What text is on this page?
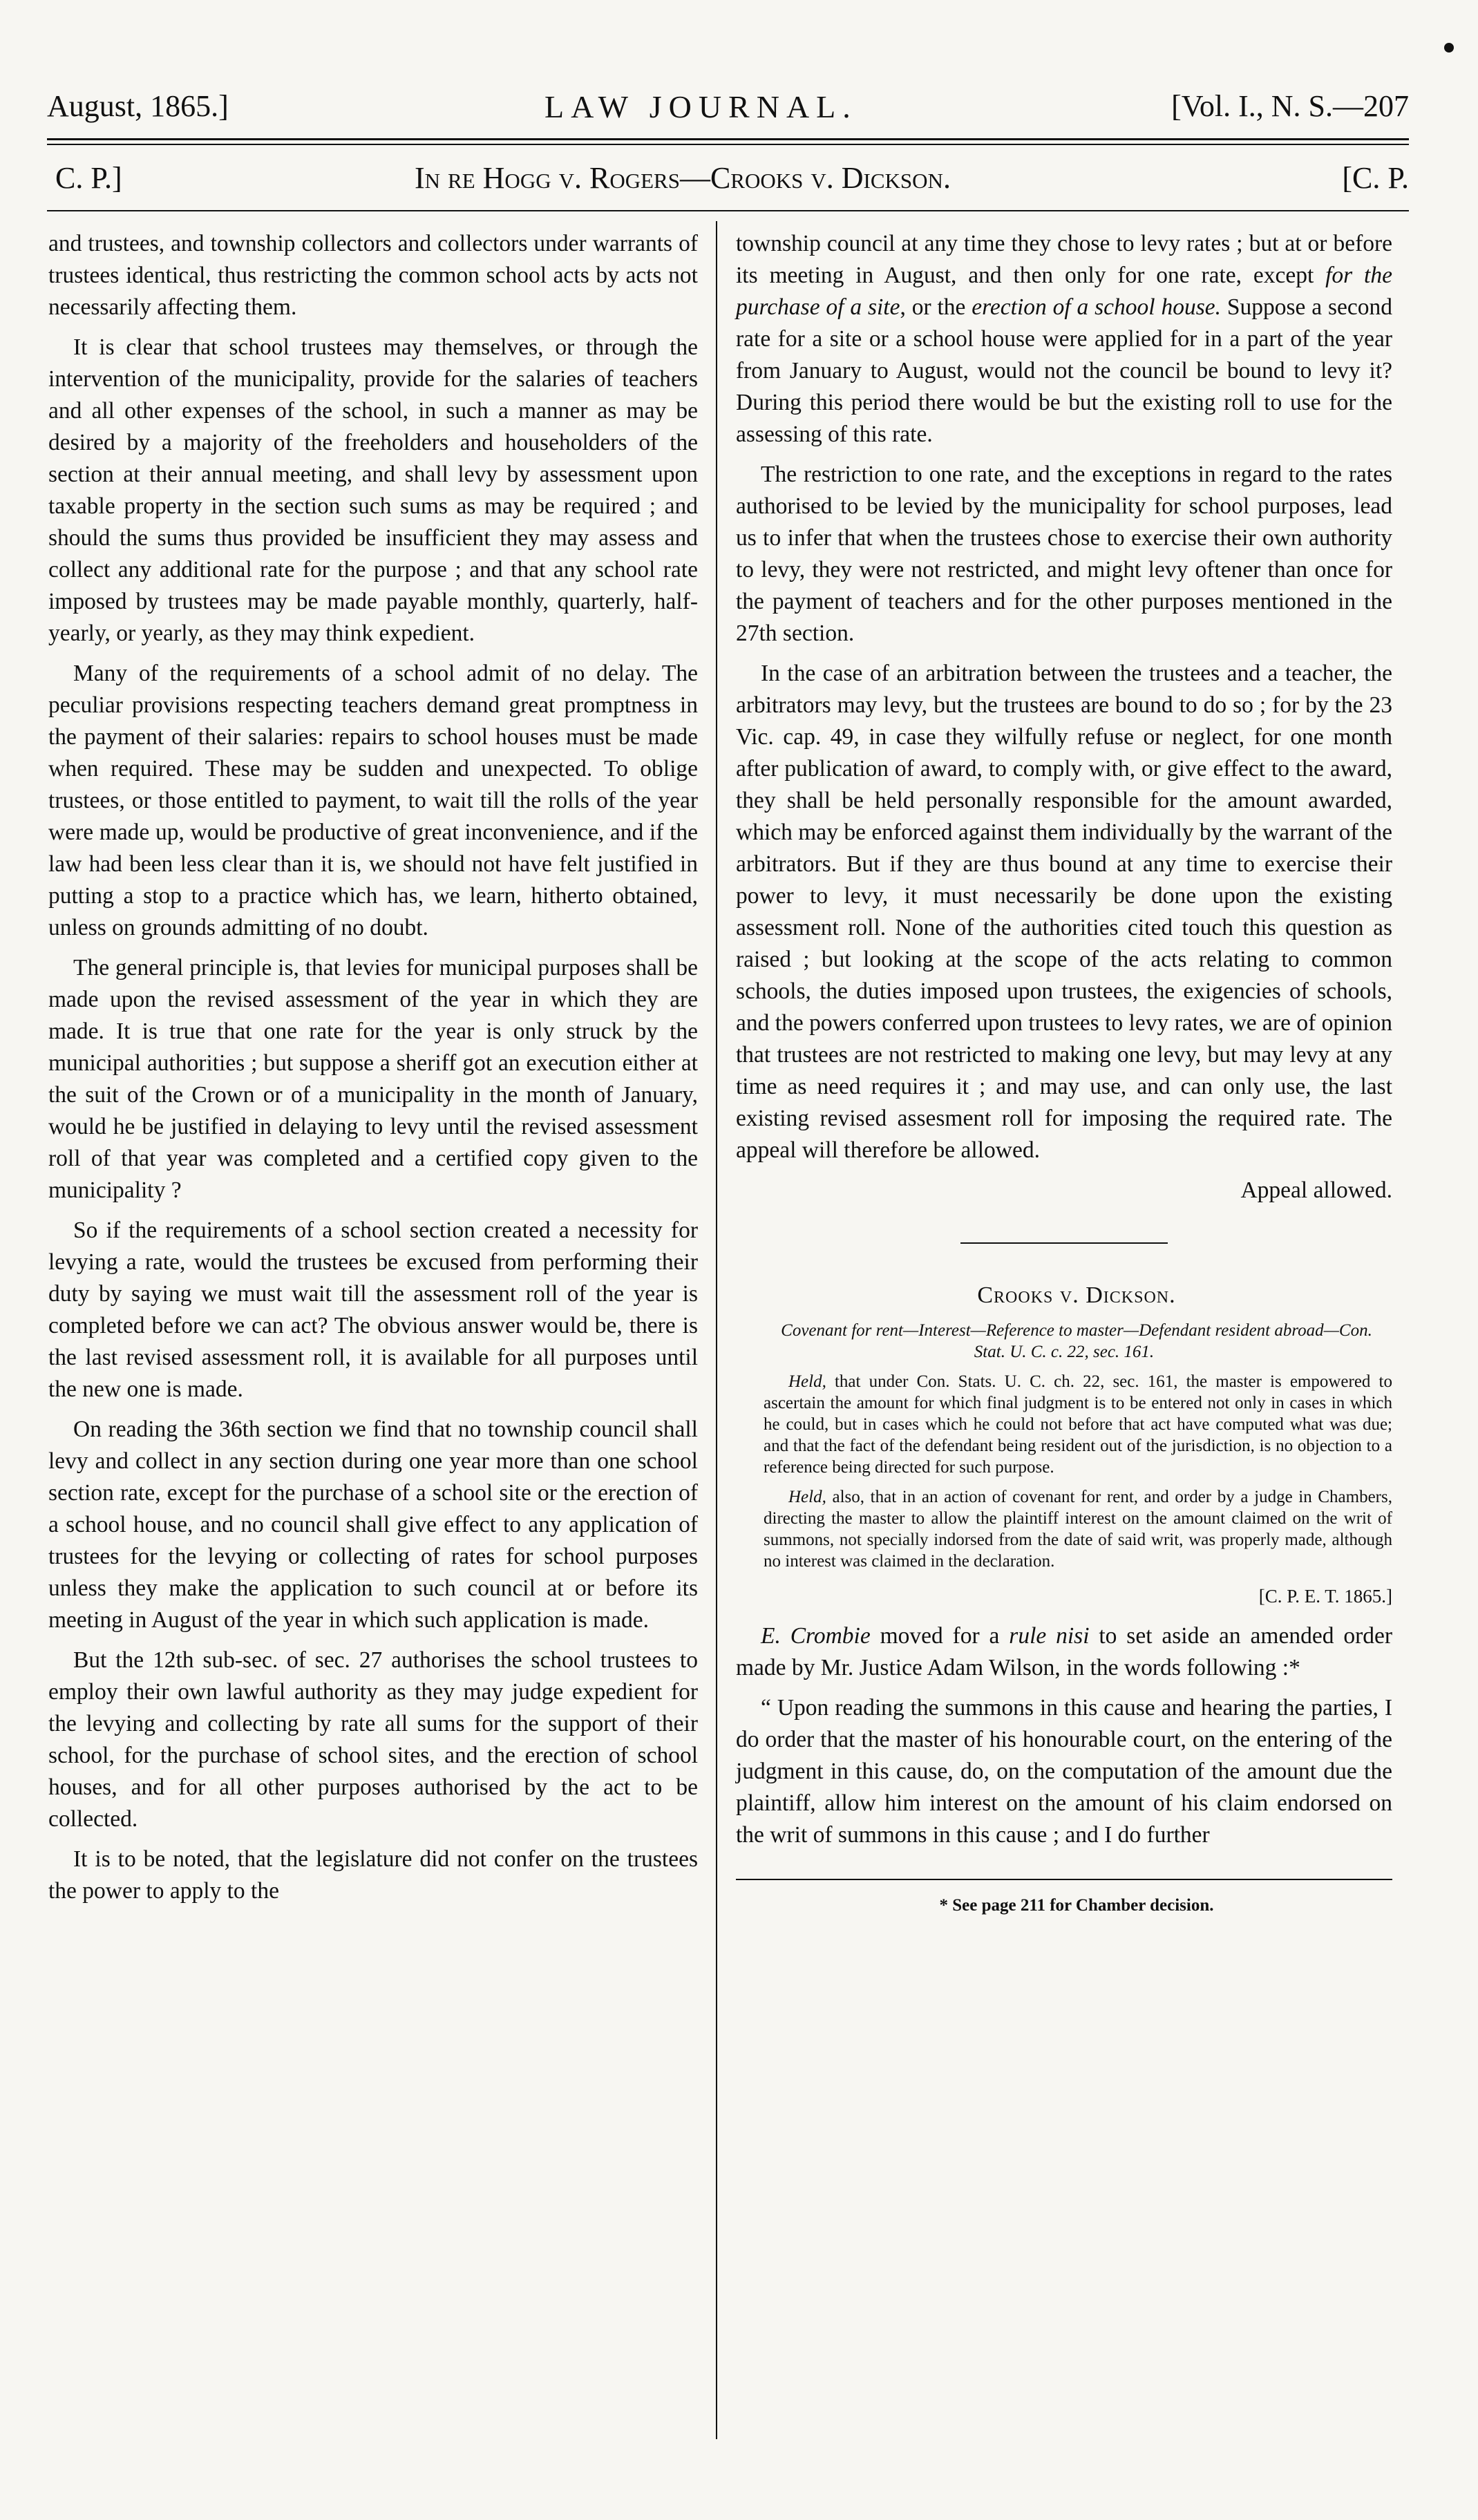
August, 1865.]	LAW JOURNAL.	[Vol. I., N. S.—207
C. P.]	In re Hogg v. Rogers—Crooks v. Dickson.	[C. P.

and trustees, and township collectors and collectors under warrants of trustees identical, thus restricting the common school acts by acts not necessarily affecting them.

It is clear that school trustees may themselves, or through the intervention of the municipality, provide for the salaries of teachers and all other expenses of the school, in such a manner as may be desired by a majority of the freeholders and householders of the section at their annual meeting, and shall levy by assessment upon taxable property in the section such sums as may be required ; and should the sums thus provided be insufficient they may assess and collect any additional rate for the purpose ; and that any school rate imposed by trustees may be made payable monthly, quarterly, half-yearly, or yearly, as they may think expedient.

Many of the requirements of a school admit of no delay. The peculiar provisions respecting teachers demand great promptness in the payment of their salaries: repairs to school houses must be made when required. These may be sudden and unexpected. To oblige trustees, or those entitled to payment, to wait till the rolls of the year were made up, would be productive of great inconvenience, and if the law had been less clear than it is, we should not have felt justified in putting a stop to a practice which has, we learn, hitherto obtained, unless on grounds admitting of no doubt.

The general principle is, that levies for municipal purposes shall be made upon the revised assessment of the year in which they are made. It is true that one rate for the year is only struck by the municipal authorities ; but suppose a sheriff got an execution either at the suit of the Crown or of a municipality in the month of January, would he be justified in delaying to levy until the revised assessment roll of that year was completed and a certified copy given to the municipality ?

So if the requirements of a school section created a necessity for levying a rate, would the trustees be excused from performing their duty by saying we must wait till the assessment roll of the year is completed before we can act? The obvious answer would be, there is the last revised assessment roll, it is available for all purposes until the new one is made.

On reading the 36th section we find that no township council shall levy and collect in any section during one year more than one school section rate, except for the purchase of a school site or the erection of a school house, and no council shall give effect to any application of trustees for the levying or collecting of rates for school purposes unless they make the application to such council at or before its meeting in August of the year in which such application is made.

But the 12th sub-sec. of sec. 27 authorises the school trustees to employ their own lawful authority as they may judge expedient for the levying and collecting by rate all sums for the support of their school, for the purchase of school sites, and the erection of school houses, and for all other purposes authorised by the act to be collected.

It is to be noted, that the legislature did not confer on the trustees the power to apply to the

township council at any time they chose to levy rates ; but at or before its meeting in August, and then only for one rate, except for the purchase of a site, or the erection of a school house. Suppose a second rate for a site or a school house were applied for in a part of the year from January to August, would not the council be bound to levy it? During this period there would be but the existing roll to use for the assessing of this rate.

The restriction to one rate, and the exceptions in regard to the rates authorised to be levied by the municipality for school purposes, lead us to infer that when the trustees chose to exercise their own authority to levy, they were not restricted, and might levy oftener than once for the payment of teachers and for the other purposes mentioned in the 27th section.

In the case of an arbitration between the trustees and a teacher, the arbitrators may levy, but the trustees are bound to do so ; for by the 23 Vic. cap. 49, in case they wilfully refuse or neglect, for one month after publication of award, to comply with, or give effect to the award, they shall be held personally responsible for the amount awarded, which may be enforced against them individually by the warrant of the arbitrators. But if they are thus bound at any time to exercise their power to levy, it must necessarily be done upon the existing assessment roll. None of the authorities cited touch this question as raised ; but looking at the scope of the acts relating to common schools, the duties imposed upon trustees, the exigencies of schools, and the powers conferred upon trustees to levy rates, we are of opinion that trustees are not restricted to making one levy, but may levy at any time as need requires it ; and may use, and can only use, the last existing revised assesment roll for imposing the required rate. The appeal will therefore be allowed.

Appeal allowed.

Crooks v. Dickson.

Covenant for rent—Interest—Reference to master—Defendant resident abroad—Con. Stat. U. C. c. 22, sec. 161.

Held, that under Con. Stats. U. C. ch. 22, sec. 161, the master is empowered to ascertain the amount for which final judgment is to be entered not only in cases in which he could, but in cases which he could not before that act have computed what was due; and that the fact of the defendant being resident out of the jurisdiction, is no objection to a reference being directed for such purpose.

Held, also, that in an action of covenant for rent, and order by a judge in Chambers, directing the master to allow the plaintiff interest on the amount claimed on the writ of summons, not specially indorsed from the date of said writ, was properly made, although no interest was claimed in the declaration.

[C. P. E. T. 1865.]

E. Crombie moved for a rule nisi to set aside an amended order made by Mr. Justice Adam Wilson, in the words following :*

“ Upon reading the summons in this cause and hearing the parties, I do order that the master of his honourable court, on the entering of the judgment in this cause, do, on the computation of the amount due the plaintiff, allow him interest on the amount of his claim endorsed on the writ of summons in this cause ; and I do further

* See page 211 for Chamber decision.
